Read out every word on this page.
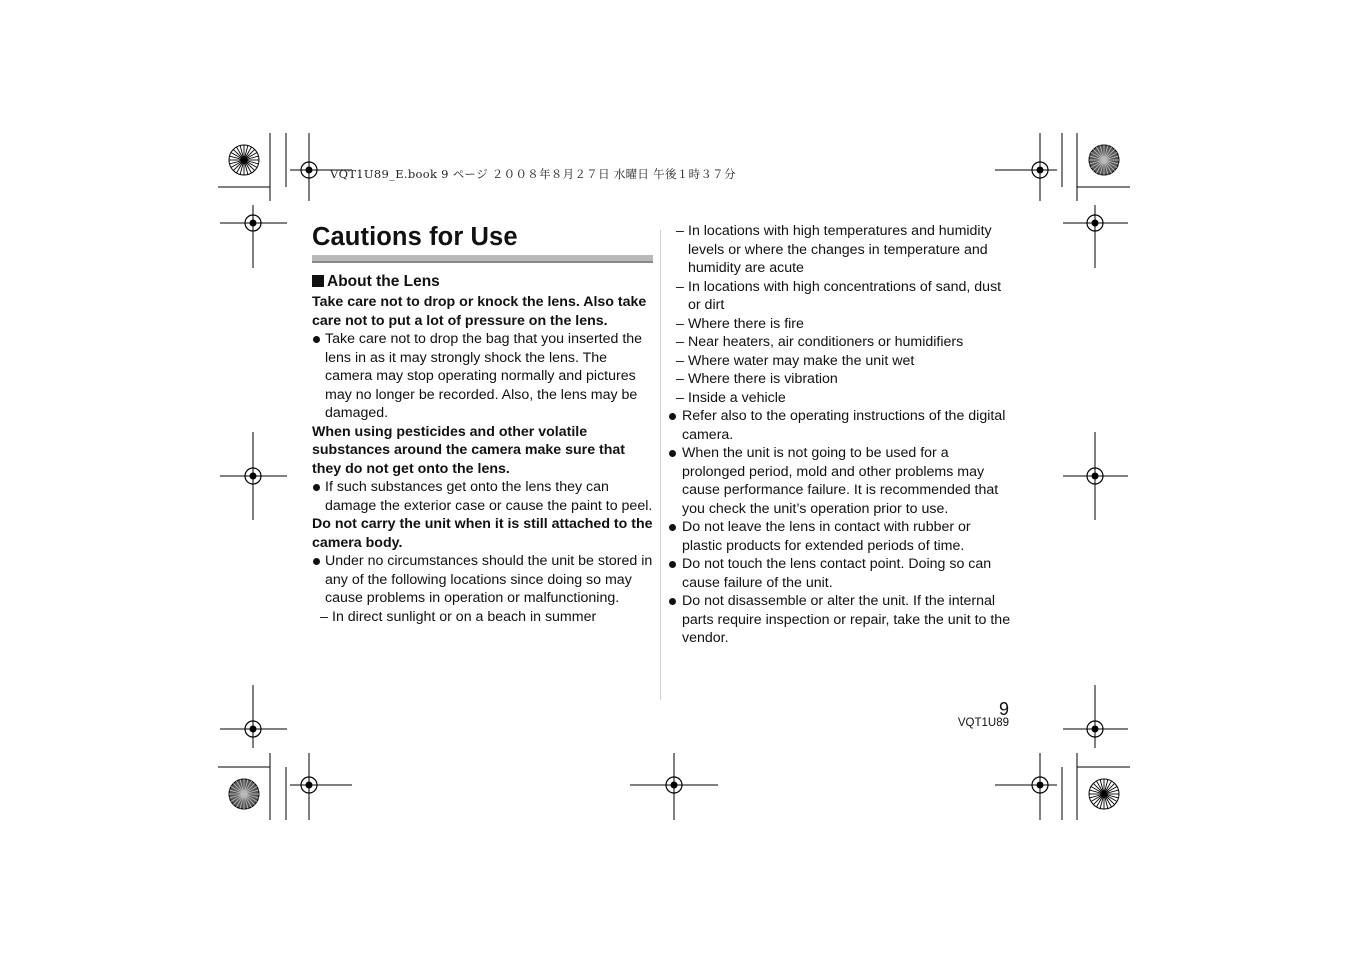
VQT1U89_E.book 9 ページ ２００８年８月２７日 水曜日 午後１時３７分
Cautions for Use
About the Lens

Take care not to drop or knock the lens. Also take care not to put a lot of pressure on the lens.

Take care not to drop the bag that you inserted the lens in as it may strongly shock the lens. The camera may stop operating normally and pictures may no longer be recorded. Also, the lens may be damaged.

When using pesticides and other volatile substances around the camera make sure that they do not get onto the lens.

If such substances get onto the lens they can damage the exterior case or cause the paint to peel.

Do not carry the unit when it is still attached to the camera body.

Under no circumstances should the unit be stored in any of the following locations since doing so may cause problems in operation or malfunctioning.
– In direct sunlight or on a beach in summer
– In locations with high temperatures and humidity levels or where the changes in temperature and humidity are acute
– In locations with high concentrations of sand, dust or dirt
– Where there is fire
– Near heaters, air conditioners or humidifiers
– Where water may make the unit wet
– Where there is vibration
– Inside a vehicle
Refer also to the operating instructions of the digital camera.
When the unit is not going to be used for a prolonged period, mold and other problems may cause performance failure. It is recommended that you check the unit’s operation prior to use.
Do not leave the lens in contact with rubber or plastic products for extended periods of time.
Do not touch the lens contact point. Doing so can cause failure of the unit.
Do not disassemble or alter the unit. If the internal parts require inspection or repair, take the unit to the vendor.
9
VQT1U89
